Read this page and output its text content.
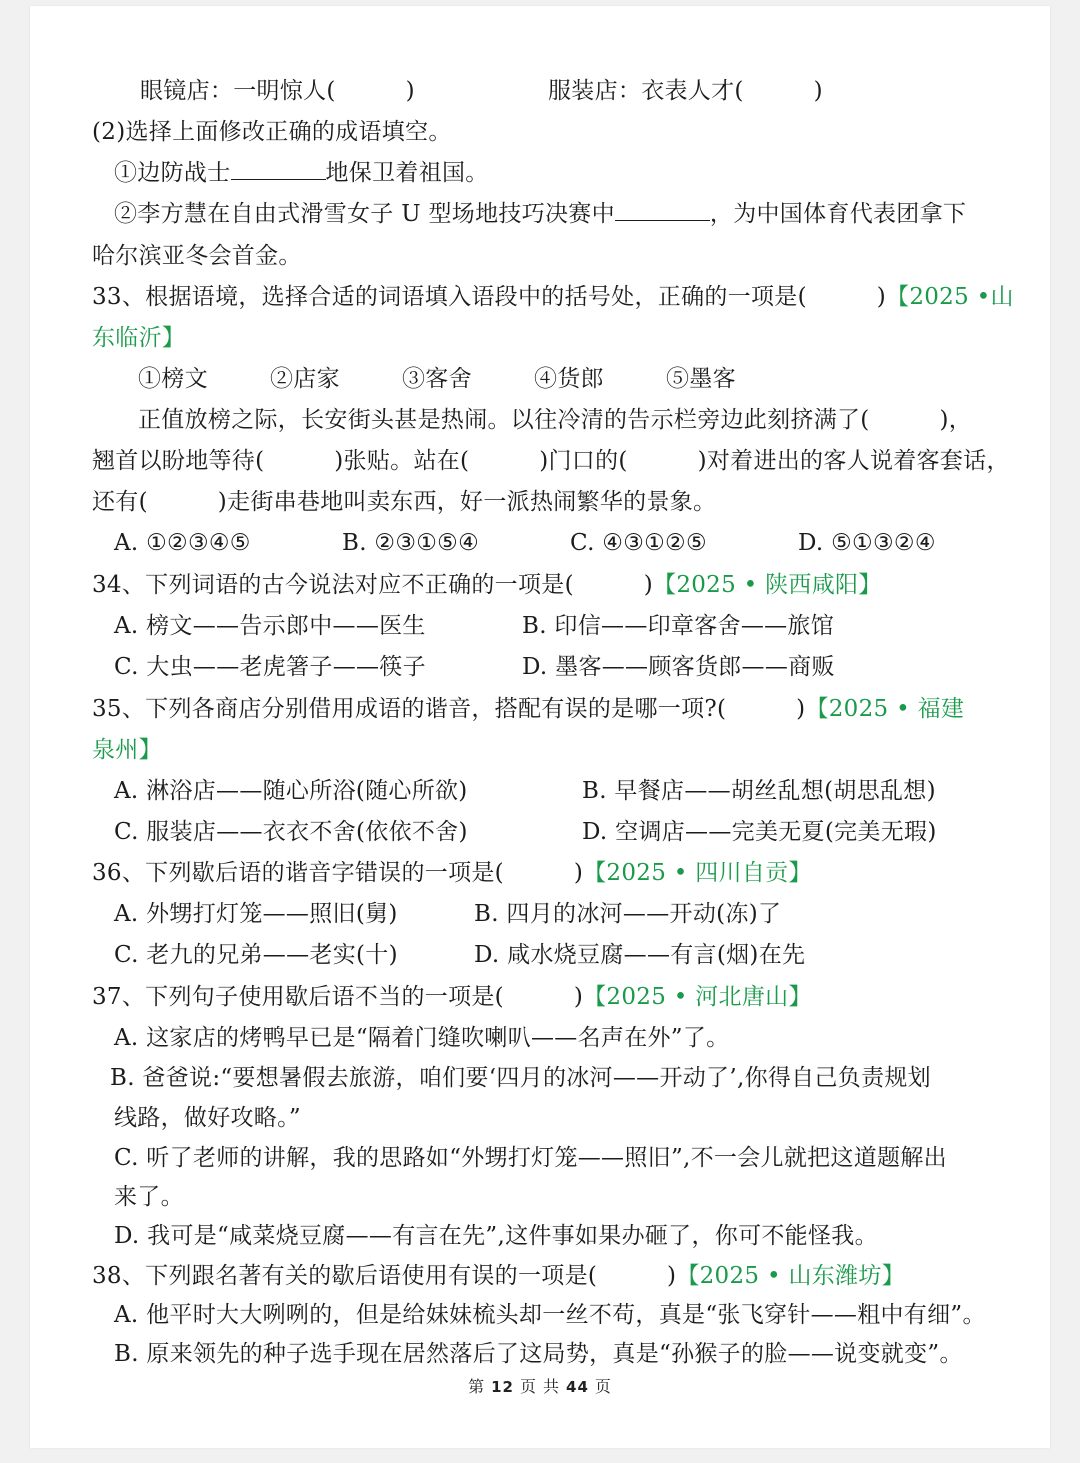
眼镜店：一明惊人(　　　)	服装店：衣表人才(　　　)
(2)选择上面修改正确的成语填空。
①边防战士	地保卫着祖国。
②李方慧在自由式滑雪女子 U 型场地技巧决赛中	，为中国体育代表团拿下
哈尔滨亚冬会首金。
33、根据语境，选择合适的词语填入语段中的括号处，正确的一项是(　　　)【2025 •山
东临沂】
①榜文	②店家	③客舍	④货郎	⑤墨客
正值放榜之际，长安街头甚是热闹。以往冷清的告示栏旁边此刻挤满了(　　　)，
翘首以盼地等待(　　　)张贴。站在(　　　)门口的(　　　)对着进出的客人说着客套话，
还有(　　　)走街串巷地叫卖东西，好一派热闹繁华的景象。
A. ①②③④⑤	B. ②③①⑤④	C. ④③①②⑤	D. ⑤①③②④
34、下列词语的古今说法对应不正确的一项是(　　　)【2025 • 陕西咸阳】
A. 榜文——告示郎中——医生	B. 印信——印章客舍——旅馆
C. 大虫——老虎箸子——筷子	D. 墨客——顾客货郎——商贩
35、下列各商店分别借用成语的谐音，搭配有误的是哪一项?(　　　)【2025 • 福建
泉州】
A. 淋浴店——随心所浴(随心所欲)	B. 早餐店——胡丝乱想(胡思乱想)
C. 服装店——衣衣不舍(依依不舍)	D. 空调店——完美无夏(完美无瑕)
36、下列歇后语的谐音字错误的一项是(　　　)【2025 • 四川自贡】
A. 外甥打灯笼——照旧(舅)	B. 四月的冰河——开动(冻)了
C. 老九的兄弟——老实(十)	D. 咸水烧豆腐——有言(烟)在先
37、下列句子使用歇后语不当的一项是(　　　)【2025 • 河北唐山】
A. 这家店的烤鸭早已是“隔着门缝吹喇叭——名声在外”了。
B. 爸爸说:“要想暑假去旅游，咱们要‘四月的冰河——开动了’,你得自己负责规划
线路，做好攻略。”
C. 听了老师的讲解，我的思路如“外甥打灯笼——照旧”,不一会儿就把这道题解出
来了。
D. 我可是“咸菜烧豆腐——有言在先”,这件事如果办砸了，你可不能怪我。
38、下列跟名著有关的歇后语使用有误的一项是(　　　)【2025 • 山东潍坊】
A. 他平时大大咧咧的，但是给妹妹梳头却一丝不苟，真是“张飞穿针——粗中有细”。
B. 原来领先的种子选手现在居然落后了这局势，真是“孙猴子的脸——说变就变”。
第 12 页 共 44 页
